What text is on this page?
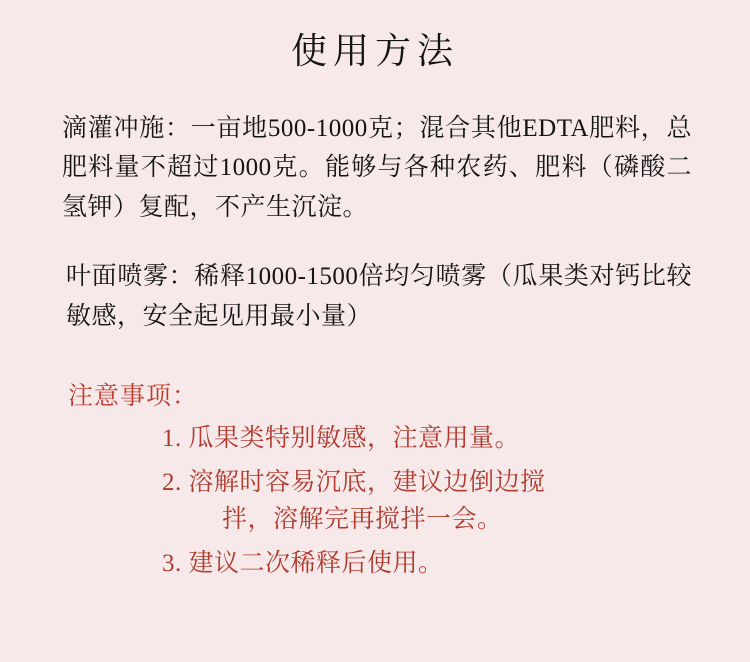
使用方法

滴灌冲施：一亩地500-1000克；混合其他EDTA肥料，总肥料量不超过1000克。能够与各种农药、肥料（磷酸二氢钾）复配，不产生沉淀。

叶面喷雾：稀释1000-1500倍均匀喷雾（瓜果类对钙比较敏感，安全起见用最小量）

注意事项：
1. 瓜果类特别敏感，注意用量。
2. 溶解时容易沉底，建议边倒边搅
拌，溶解完再搅拌一会。
3. 建议二次稀释后使用。
